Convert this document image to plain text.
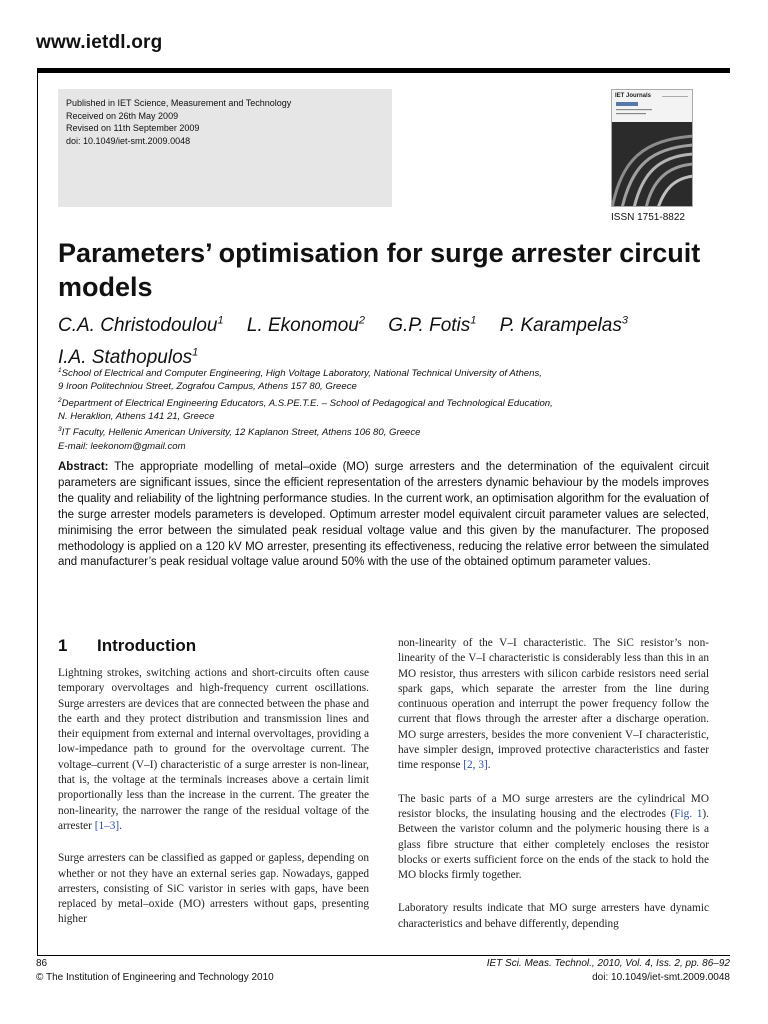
www.ietdl.org
Published in IET Science, Measurement and Technology
Received on 26th May 2009
Revised on 11th September 2009
doi: 10.1049/iet-smt.2009.0048
IET Journals
ISSN 1751-8822
Parameters’ optimisation for surge arrester circuit models
C.A. Christodoulou$^1$ L. Ekonomou$^2$ G.P. Fotis$^1$ P. Karampelas$^3$
I.A. Stathopulos$^1$
$^1$School of Electrical and Computer Engineering, High Voltage Laboratory, National Technical University of Athens,
9 Iroon Politechniou Street, Zografou Campus, Athens 157 80, Greece
$^2$Department of Electrical Engineering Educators, A.S.PE.T.E. – School of Pedagogical and Technological Education,
N. Heraklion, Athens 141 21, Greece
$^3$IT Faculty, Hellenic American University, 12 Kaplanon Street, Athens 106 80, Greece
E-mail: leekonom@gmail.com
Abstract: The appropriate modelling of metal–oxide (MO) surge arresters and the determination of the equivalent circuit parameters are significant issues, since the efficient representation of the arresters dynamic behaviour by the models improves the quality and reliability of the lightning performance studies. In the current work, an optimisation algorithm for the evaluation of the surge arrester models parameters is developed. Optimum arrester model equivalent circuit parameter values are selected, minimising the error between the simulated peak residual voltage value and this given by the manufacturer. The proposed methodology is applied on a 120 kV MO arrester, presenting its effectiveness, reducing the relative error between the simulated and manufacturer’s peak residual voltage value around 50% with the use of the obtained optimum parameter values.
1 Introduction

Lightning strokes, switching actions and short-circuits often cause temporary overvoltages and high-frequency current oscillations. Surge arresters are devices that are connected between the phase and the earth and they protect distribution and transmission lines and their equipment from external and internal overvoltages, providing a low-impedance path to ground for the overvoltage current. The voltage–current (V–I) characteristic of a surge arrester is non-linear, that is, the voltage at the terminals increases above a certain limit proportionally less than the increase in the current. The greater the non-linearity, the narrower the range of the residual voltage of the arrester [1–3].

Surge arresters can be classified as gapped or gapless, depending on whether or not they have an external series gap. Nowadays, gapped arresters, consisting of SiC varistor in series with gaps, have been replaced by metal–oxide (MO) arresters without gaps, presenting higher

non-linearity of the V–I characteristic. The SiC resistor’s non-linearity of the V–I characteristic is considerably less than this in an MO resistor, thus arresters with silicon carbide resistors need serial spark gaps, which separate the arrester from the line during continuous operation and interrupt the power frequency follow the current that flows through the arrester after a discharge operation. MO surge arresters, besides the more convenient V–I characteristic, have simpler design, improved protective characteristics and faster time response [2, 3].

The basic parts of a MO surge arresters are the cylindrical MO resistor blocks, the insulating housing and the electrodes (Fig. 1). Between the varistor column and the polymeric housing there is a glass fibre structure that either completely encloses the resistor blocks or exerts sufficient force on the ends of the stack to hold the MO blocks firmly together.

Laboratory results indicate that MO surge arresters have dynamic characteristics and behave differently, depending

86
© The Institution of Engineering and Technology 2010
IET Sci. Meas. Technol., 2010, Vol. 4, Iss. 2, pp. 86–92
doi: 10.1049/iet-smt.2009.0048
